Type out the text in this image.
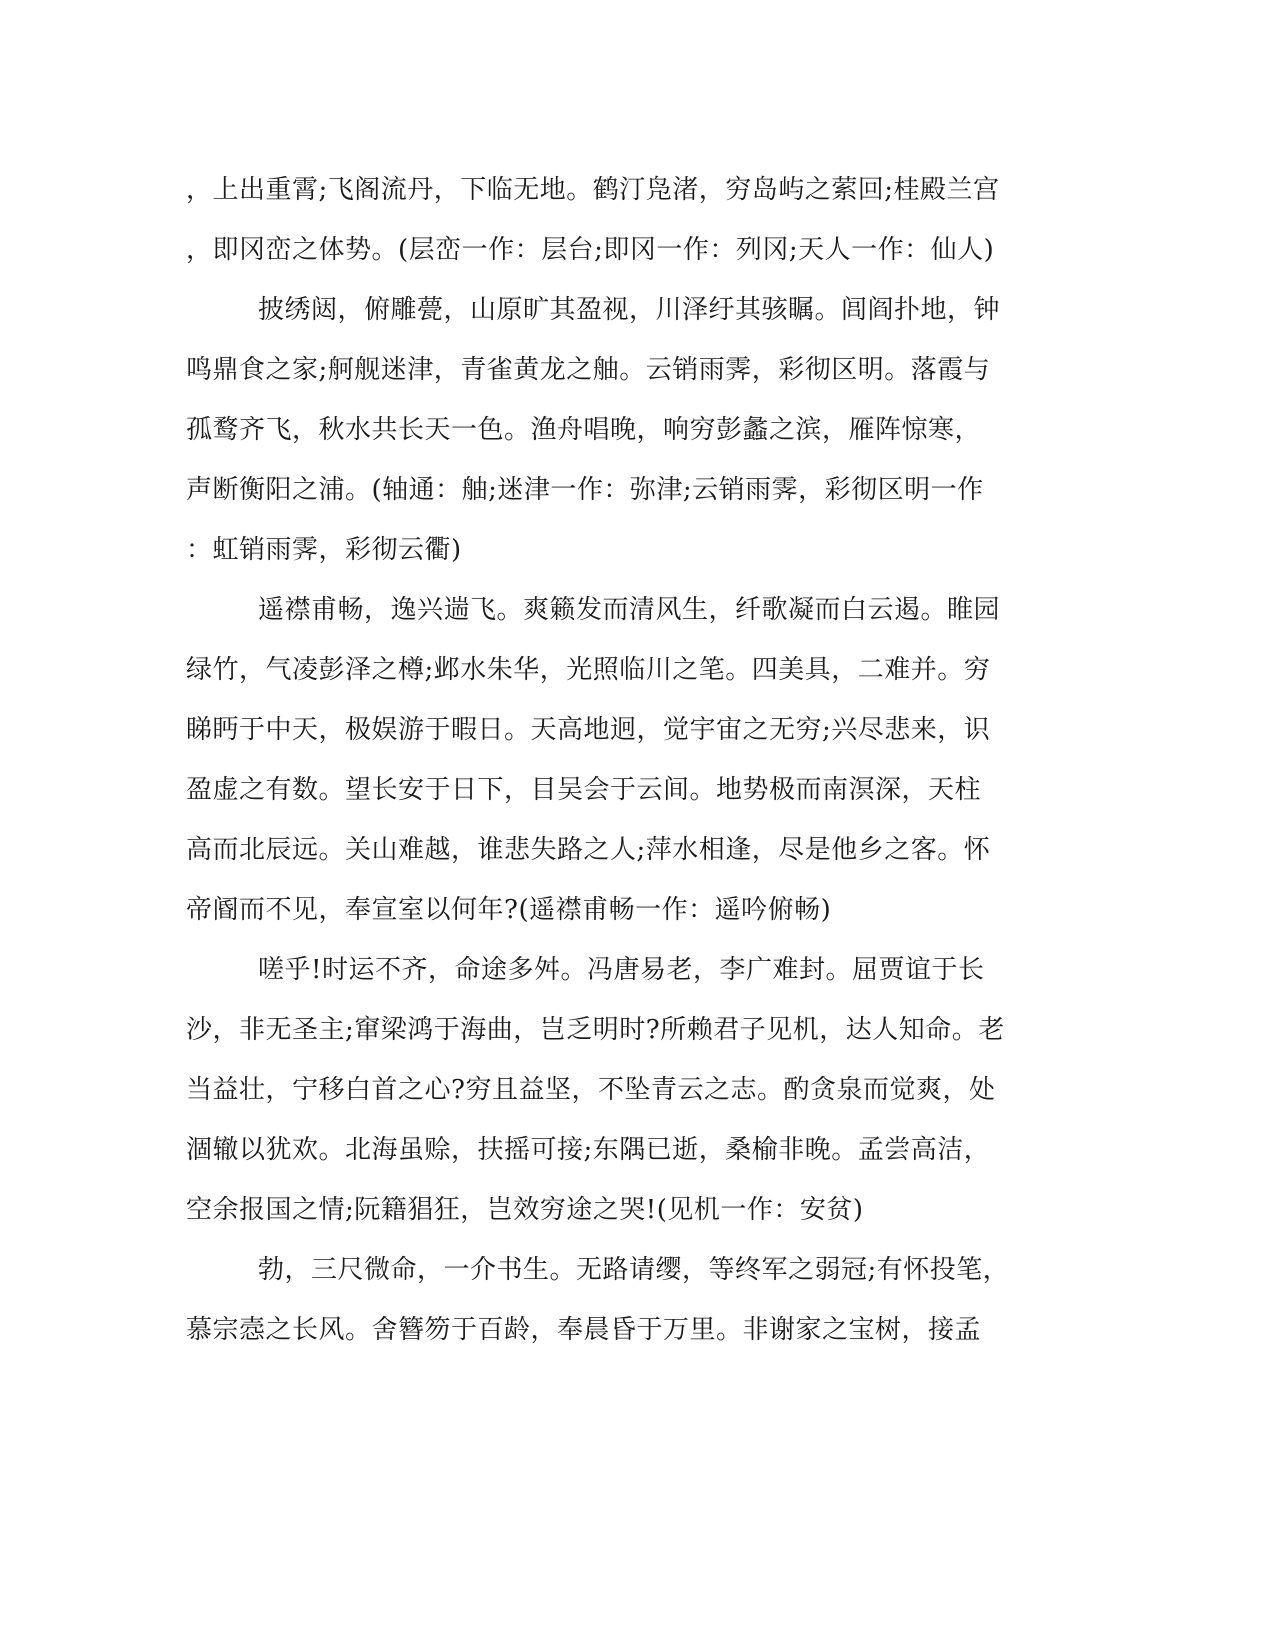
，上出重霄;飞阁流丹，下临无地。鹤汀凫渚，穷岛屿之萦回;桂殿兰宫
，即冈峦之体势。(层峦一作：层台;即冈一作：列冈;天人一作：仙人)
披绣闼，俯雕甍，山原旷其盈视，川泽纡其骇瞩。闾阎扑地，钟
鸣鼎食之家;舸舰迷津，青雀黄龙之舳。云销雨霁，彩彻区明。落霞与
孤鹜齐飞，秋水共长天一色。渔舟唱晚，响穷彭蠡之滨，雁阵惊寒，
声断衡阳之浦。(轴通：舳;迷津一作：弥津;云销雨霁，彩彻区明一作
：虹销雨霁，彩彻云衢)
遥襟甫畅，逸兴遄飞。爽籁发而清风生，纤歌凝而白云遏。睢园
绿竹，气凌彭泽之樽;邺水朱华，光照临川之笔。四美具，二难并。穷
睇眄于中天，极娱游于暇日。天高地迥，觉宇宙之无穷;兴尽悲来，识
盈虚之有数。望长安于日下，目吴会于云间。地势极而南溟深，天柱
高而北辰远。关山难越，谁悲失路之人;萍水相逢，尽是他乡之客。怀
帝阍而不见，奉宣室以何年?(遥襟甫畅一作：遥吟俯畅)
嗟乎!时运不齐，命途多舛。冯唐易老，李广难封。屈贾谊于长
沙，非无圣主;窜梁鸿于海曲，岂乏明时?所赖君子见机，达人知命。老
当益壮，宁移白首之心?穷且益坚，不坠青云之志。酌贪泉而觉爽，处
涸辙以犹欢。北海虽赊，扶摇可接;东隅已逝，桑榆非晚。孟尝高洁，
空余报国之情;阮籍猖狂，岂效穷途之哭!(见机一作：安贫)
勃，三尺微命，一介书生。无路请缨，等终军之弱冠;有怀投笔，
慕宗悫之长风。舍簪笏于百龄，奉晨昏于万里。非谢家之宝树，接孟
